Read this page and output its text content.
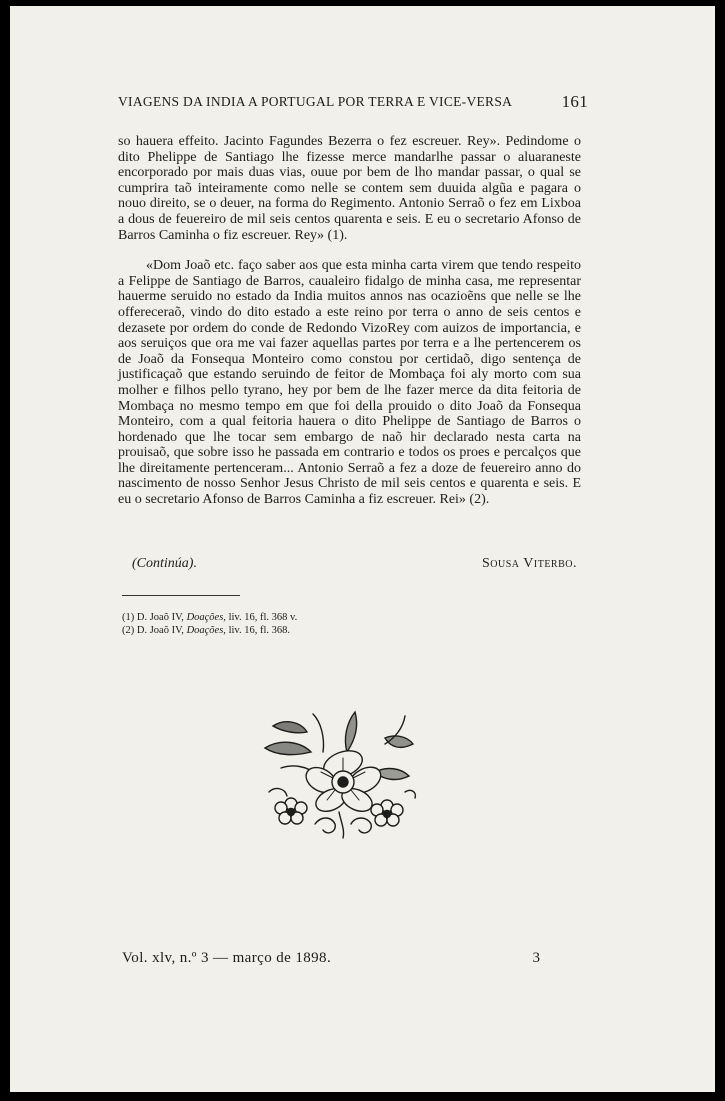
VIAGENS DA INDIA A PORTUGAL POR TERRA E VICE-VERSA	161

so hauera effeito. Jacinto Fagundes Bezerra o fez escreuer. Rey». Pedindome o dito Phelippe de Santiago lhe fizesse merce mandarlhe passar o aluaraneste encorporado por mais duas vias, ouue por bem de lho mandar passar, o qual se cumprira taõ inteiramente como nelle se contem sem duuida algũa e pagara o nouo direito, se o deuer, na forma do Regimento. Antonio Serraõ o fez em Lixboa a dous de feuereiro de mil seis centos quarenta e seis. E eu o secretario Afonso de Barros Caminha o fiz escreuer. Rey» (1).

«Dom Joaõ etc. faço saber aos que esta minha carta virem que tendo respeito a Felippe de Santiago de Barros, caualeiro fidalgo de minha casa, me representar hauerme seruido no estado da India muitos annos nas ocazioẽns que nelle se lhe offereceraõ, vindo do dito estado a este reino por terra o anno de seis centos e dezasete por ordem do conde de Redondo VizoRey com auizos de importancia, e aos seruiços que ora me vai fazer aquellas partes por terra e a lhe pertencerem os de Joaõ da Fonsequa Monteiro como constou por certidaõ, digo sentença de justificaçaõ que estando seruindo de feitor de Mombaça foi aly morto com sua molher e filhos pello tyrano, hey por bem de lhe fazer merce da dita feitoria de Mombaça no mesmo tempo em que foi della prouido o dito Joaõ da Fonsequa Monteiro, com a qual feitoria hauera o dito Phelippe de Santiago de Barros o hordenado que lhe tocar sem embargo de naõ hir declarado nesta carta na prouisaõ, que sobre isso he passada em contrario e todos os proes e percalços que lhe direitamente pertenceram... Antonio Serraõ a fez a doze de feuereiro anno do nascimento de nosso Senhor Jesus Christo de mil seis centos e quarenta e seis. E eu o secretario Afonso de Barros Caminha a fiz escreuer. Rei» (2).

(Continúa).	Sousa Viterbo.
(1) D. Joaõ IV, Doações, liv. 16, fl. 368 v.
(2) D. Joaõ IV, Doações, liv. 16, fl. 368.
Vol. xlv, n.º 3 — março de 1898.	3
